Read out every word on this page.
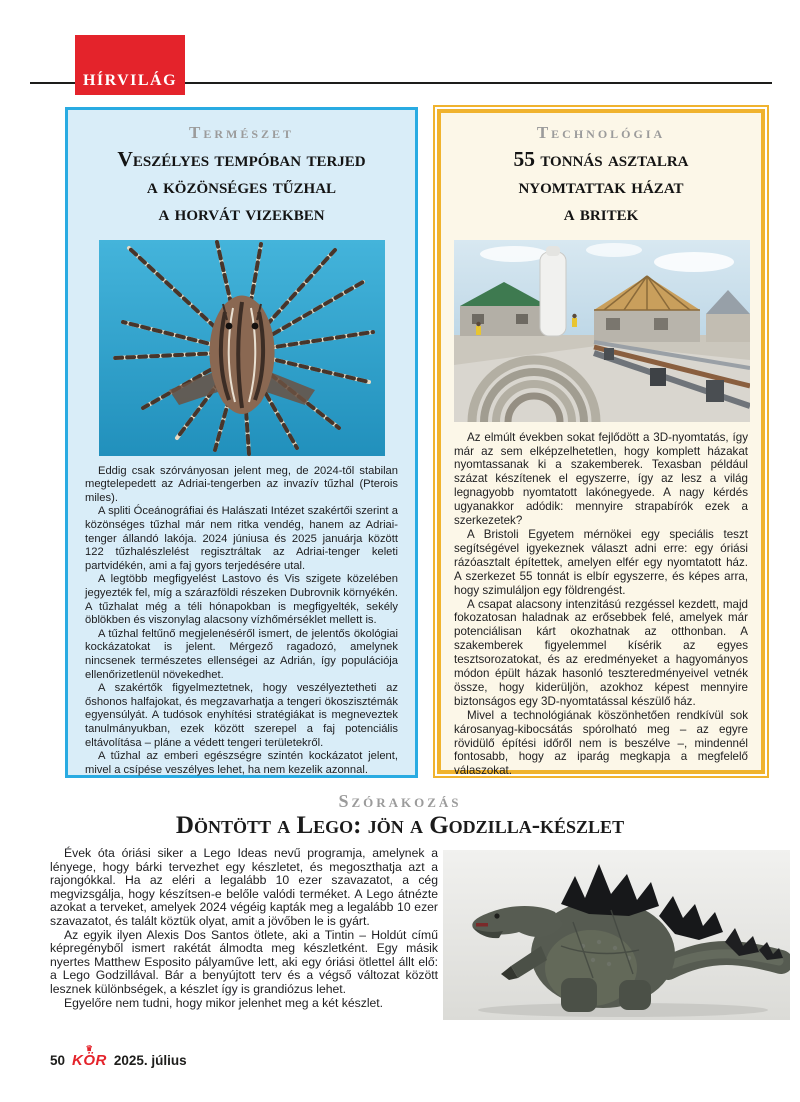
HÍRVILÁG
Természet
Veszélyes tempóban terjed
a közönséges tűzhal
a horvát vizekben

Eddig csak szórványosan jelent meg, de 2024-től stabilan megtelepedett az Adriai-tengerben az invazív tűzhal (Pterois miles).

A spliti Óceánográfiai és Halászati Intézet szakértői szerint a közönséges tűzhal már nem ritka vendég, hanem az Adriai-tenger állandó lakója. 2024 júniusa és 2025 januárja között 122 tűzhalészlelést regisztráltak az Adriai-tenger keleti partvidékén, ami a faj gyors terjedésére utal.

A legtöbb megfigyelést Lastovo és Vis szigete közelében jegyezték fel, míg a szárazföldi részeken Dubrovnik környékén. A tűzhalat még a téli hónapokban is megfigyelték, sekély öblökben és viszonylag alacsony vízhőmérséklet mellett is.

A tűzhal feltűnő megjelenéséről ismert, de jelentős ökológiai kockázatokat is jelent. Mérgező ragadozó, amelynek nincsenek természetes ellenségei az Adrián, így populációja ellenőrizetlenül növekedhet.

A szakértők figyelmeztetnek, hogy veszélyeztetheti az őshonos halfajokat, és megzavarhatja a tengeri ökoszisztémák egyensúlyát. A tudósok enyhítési stratégiákat is megneveztek tanulmányukban, ezek között szerepel a faj potenciális eltávolítása – pláne a védett tengeri területekről.

A tűzhal az emberi egészségre szintén kockázatot jelent, mivel a csípése veszélyes lehet, ha nem kezelik azonnal.

Technológia
55 tonnás asztalra
nyomtattak házat
a britek

Az elmúlt években sokat fejlődött a 3D-nyomtatás, így már az sem elképzelhetetlen, hogy komplett házakat nyomtassanak ki a szakemberek. Texasban például százat készítenek el egyszerre, így az lesz a világ legnagyobb nyomtatott lakónegyede. A nagy kérdés ugyanakkor adódik: mennyire strapabírók ezek a szerkezetek?

A Bristoli Egyetem mérnökei egy speciális teszt segítségével igyekeznek választ adni erre: egy óriási rázóasztalt építettek, amelyen elfér egy nyomtatott ház. A szerkezet 55 tonnát is elbír egyszerre, és képes arra, hogy szimuláljon egy földrengést.

A csapat alacsony intenzitású rezgéssel kezdett, majd fokozatosan haladnak az erősebbek felé, amelyek már potenciálisan kárt okozhatnak az otthonban. A szakemberek figyelemmel kísérik az egyes tesztsorozatokat, és az eredményeket a hagyományos módon épült házak hasonló teszteredményeivel vetnék össze, hogy kiderüljön, azokhoz képest mennyire biztonságos egy 3D-nyomtatással készülő ház.

Mivel a technológiának köszönhetően rendkívül sok károsanyag-kibocsátás spórolható meg – az egyre rövidülő építési időről nem is beszélve –, mindennél fontosabb, hogy az iparág megkapja a megfelelő válaszokat.

Szórakozás
Döntött a Lego: jön a Godzilla-készlet

Évek óta óriási siker a Lego Ideas nevű programja, amelynek a lényege, hogy bárki tervezhet egy készletet, és megoszthatja azt a rajongókkal. Ha az eléri a legalább 10 ezer szavazatot, a cég megvizsgálja, hogy készítsen-e belőle valódi terméket. A Lego átnézte azokat a terveket, amelyek 2024 végéig kapták meg a legalább 10 ezer szavazatot, és talált köztük olyat, amit a jövőben le is gyárt.

Az egyik ilyen Alexis Dos Santos ötlete, aki a Tintin – Holdút című képregényből ismert rakétát álmodta meg készletként. Egy másik nyertes Matthew Esposito pályaműve lett, aki egy óriási ötlettel állt elő: a Lego Godzillával. Bár a benyújtott terv és a végső változat között lesznek különbségek, a készlet így is grandiózus lehet.

Egyelőre nem tudni, hogy mikor jelenhet meg a két készlet.

50
♛
KÖR 2025. július
